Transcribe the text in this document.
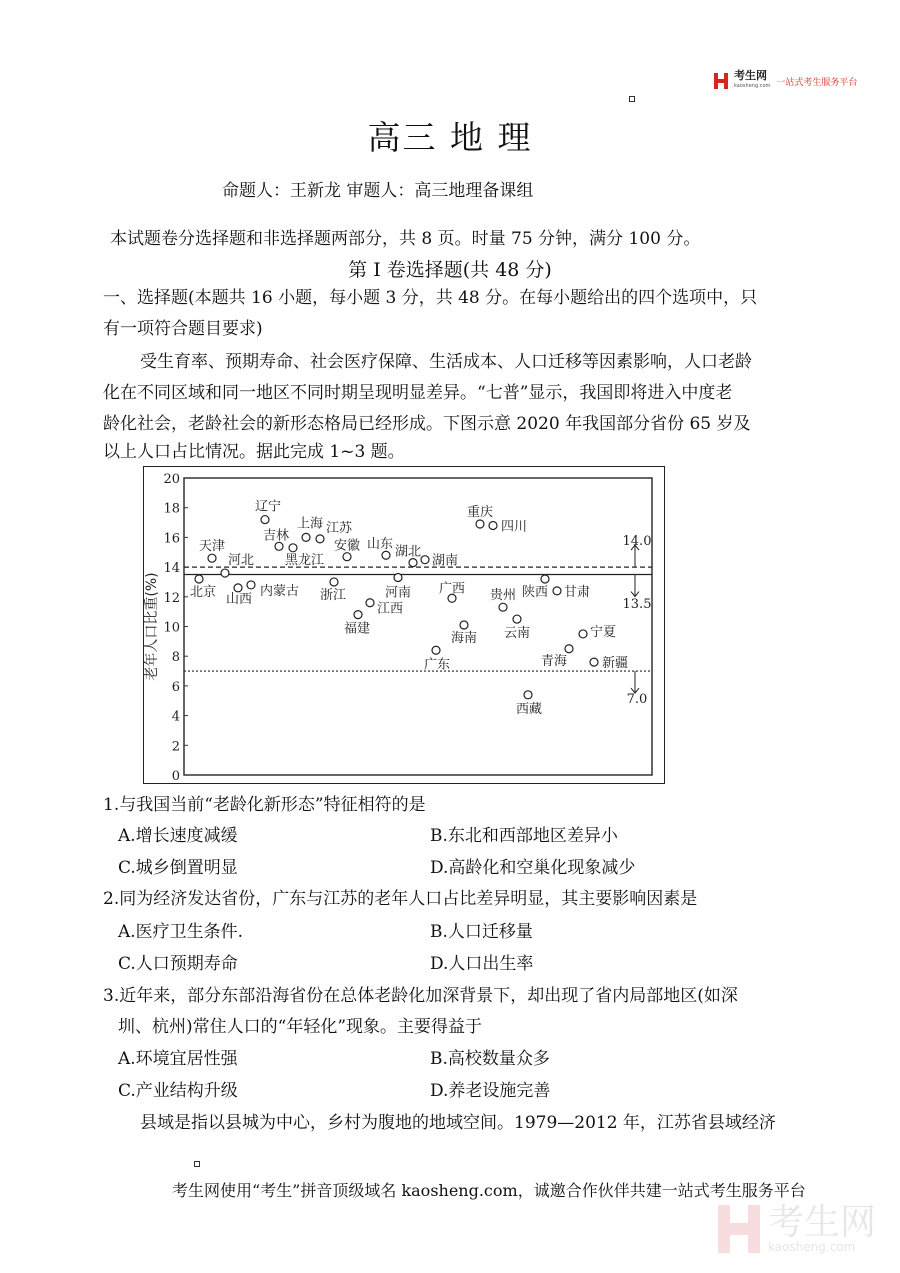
考生网
kaosheng.com 一站式考生服务平台
高三 地 理
命题人：王新龙 审题人：高三地理备课组
本试题卷分选择题和非选择题两部分，共 8 页。时量 75 分钟，满分 100 分。
第 I 卷选择题(共 48 分)
一、选择题(本题共 16 小题，每小题 3 分，共 48 分。在每小题给出的四个选项中，只
有一项符合题目要求)
受生育率、预期寿命、社会医疗保障、生活成本、人口迁移等因素影响，人口老龄
化在不同区域和同一地区不同时期呈现明显差异。“七普”显示，我国即将进入中度老
龄化社会，老龄社会的新形态格局已经形成。下图示意 2020 年我国部分省份 65 岁及
以上人口占比情况。据此完成 1~3 题。
0
2
4
6
8
10
12
14
16
18
20
老年人口比重(%)
14.0
13.5
7.0
北京
天津
河北
山西
内蒙古
辽宁
吉林
黑龙江
上海 江苏
浙江
安徽
福建
江西
山东
河南
湖北
湖南
广东
广西
海南
重庆
四川
贵州
云南
西藏
陕西 甘肃
青海
宁夏
新疆
1.与我国当前“老龄化新形态”特征相符的是
A.增长速度减缓	B.东北和西部地区差异小
C.城乡倒置明显	D.高龄化和空巢化现象减少
2.同为经济发达省份，广东与江苏的老年人口占比差异明显，其主要影响因素是
A.医疗卫生条件.	B.人口迁移量
C.人口预期寿命	D.人口出生率
3.近年来，部分东部沿海省份在总体老龄化加深背景下，却出现了省内局部地区(如深
圳、杭州)常住人口的“年轻化”现象。主要得益于
A.环境宜居性强	B.高校数量众多
C.产业结构升级	D.养老设施完善
县域是指以县城为中心，乡村为腹地的地域空间。1979—2012 年，江苏省县域经济
考生网使用“考生”拼音顶级域名 kaosheng.com，诚邀合作伙伴共建一站式考生服务平台
考生网
kaosheng.com
